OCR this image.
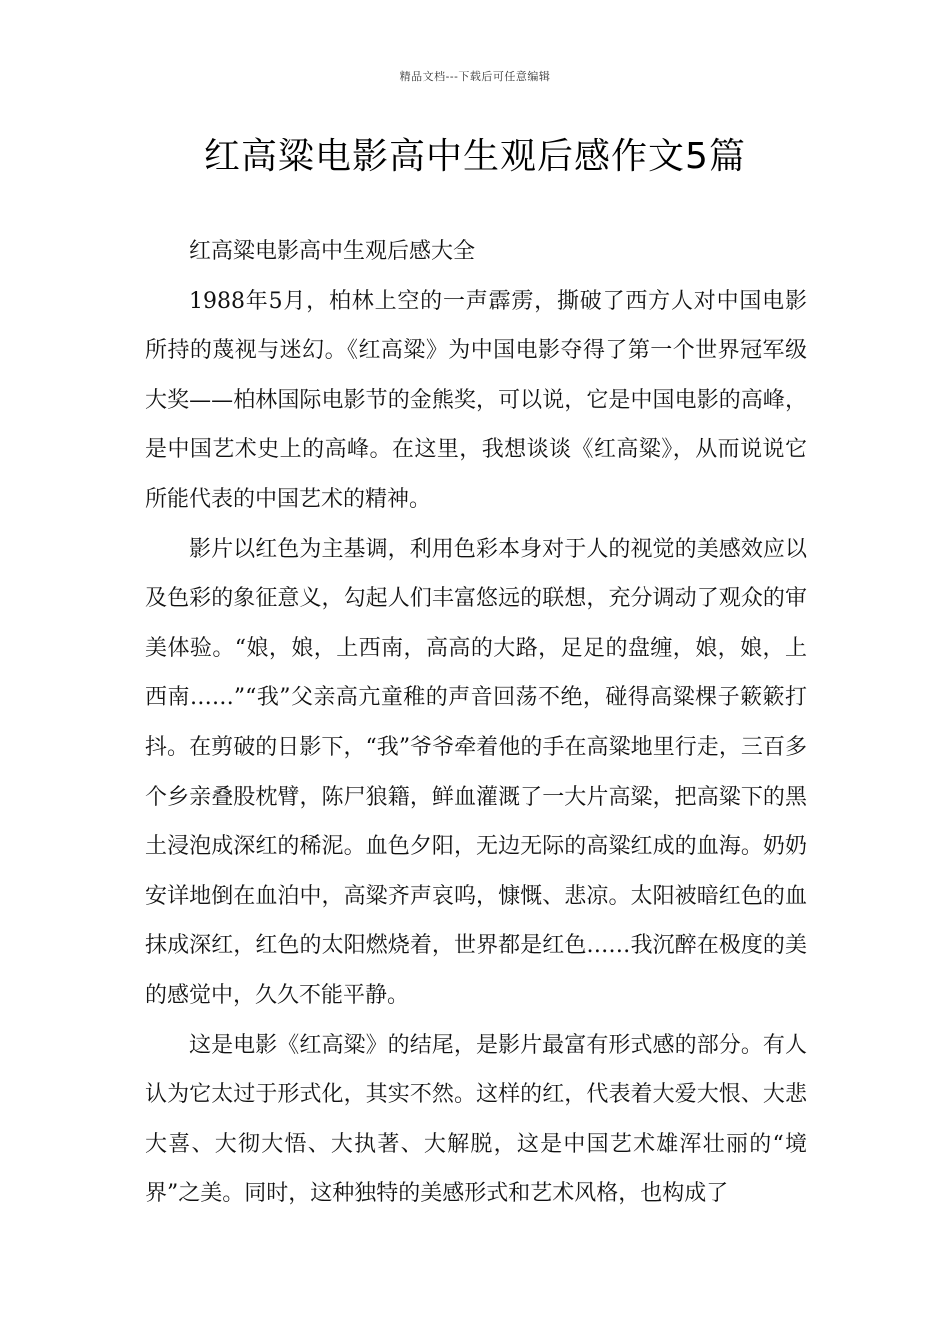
精品文档---下载后可任意编辑
红高粱电影高中生观后感作文5篇

红高粱电影高中生观后感大全

1988年5月，柏林上空的一声霹雳，撕破了西方人对中国电影所持的蔑视与迷幻。《红高粱》为中国电影夺得了第一个世界冠军级大奖——柏林国际电影节的金熊奖，可以说，它是中国电影的高峰，是中国艺术史上的高峰。在这里，我想谈谈《红高粱》，从而说说它所能代表的中国艺术的精神。

影片以红色为主基调，利用色彩本身对于人的视觉的美感效应以及色彩的象征意义，勾起人们丰富悠远的联想，充分调动了观众的审美体验。“娘，娘，上西南，高高的大路，足足的盘缠，娘，娘，上西南……”“我”父亲高亢童稚的声音回荡不绝，碰得高粱棵子簌簌打抖。在剪破的日影下，“我”爷爷牵着他的手在高粱地里行走，三百多个乡亲叠股枕臂，陈尸狼籍，鲜血灌溉了一大片高粱，把高粱下的黑土浸泡成深红的稀泥。血色夕阳，无边无际的高粱红成的血海。奶奶安详地倒在血泊中，高粱齐声哀呜，慷慨、悲凉。太阳被暗红色的血抹成深红，红色的太阳燃烧着，世界都是红色……我沉醉在极度的美的感觉中，久久不能平静。

这是电影《红高粱》的结尾，是影片最富有形式感的部分。有人认为它太过于形式化，其实不然。这样的红，代表着大爱大恨、大悲大喜、大彻大悟、大执著、大解脱，这是中国艺术雄浑壮丽的“境界”之美。同时，这种独特的美感形式和艺术风格，也构成了
